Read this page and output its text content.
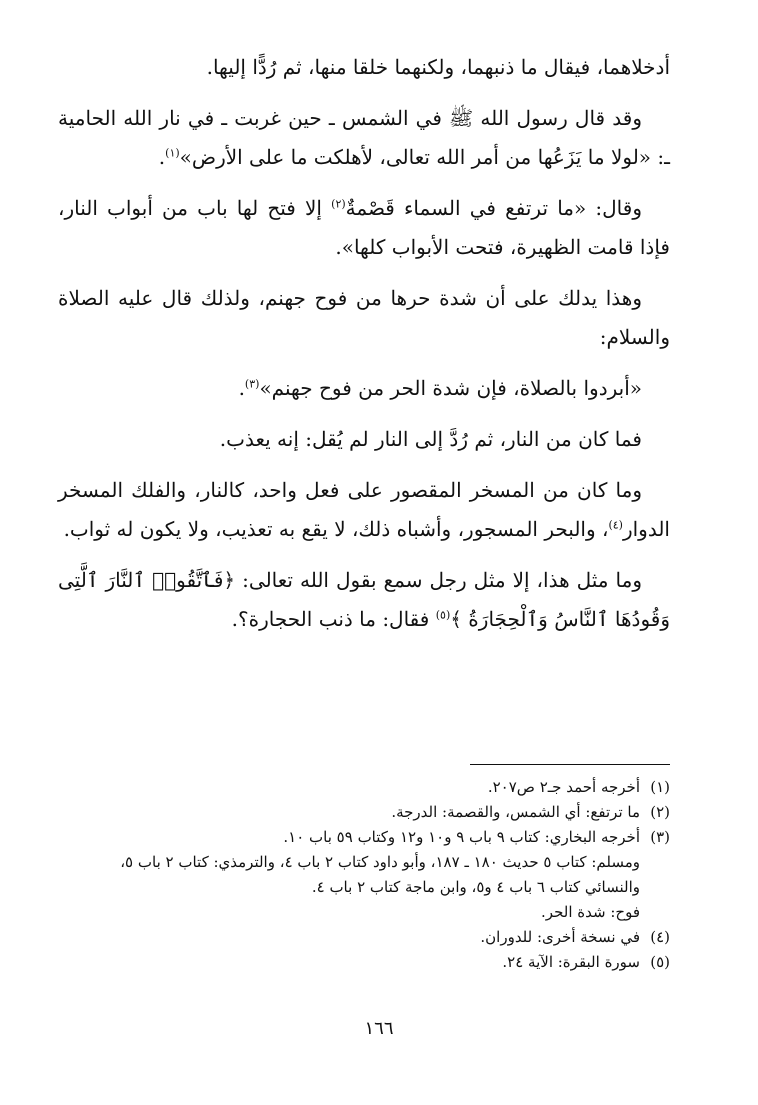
أدخلاهما، فيقال ما ذنبهما، ولكنهما خلقا منها، ثم رُدًّا إليها.

وقد قال رسول الله ﷺ في الشمس ـ حين غربت ـ في نار الله الحامية ـ: «لولا ما يَزَعُها من أمر الله تعالى، لأهلكت ما على الأرض»$^{(١)}$.

وقال: «ما ترتفع في السماء قَصْمةٌ$^{(٢)}$ إلا فتح لها باب من أبواب النار، فإذا قامت الظهيرة، فتحت الأبواب كلها».

وهذا يدلك على أن شدة حرها من فوح جهنم، ولذلك قال عليه الصلاة والسلام:

«أبردوا بالصلاة، فإن شدة الحر من فوح جهنم»$^{(٣)}$.

فما كان من النار، ثم رُدَّ إلى النار لم يُقل: إنه يعذب.

وما كان من المسخر المقصور على فعل واحد، كالنار، والفلك المسخر الدوار$^{(٤)}$، والبحر المسجور، وأشباه ذلك، لا يقع به تعذيب، ولا يكون له ثواب.

وما مثل هذا، إلا مثل رجل سمع بقول الله تعالى: ﴿فَٱتَّقُوا۟ ٱلنَّارَ ٱلَّتِى وَقُودُهَا ٱلنَّاسُ وَٱلْحِجَارَةُ ﴾$^{(٥)}$ فقال: ما ذنب الحجارة؟.

(١)أخرجه أحمد جـ٢ ص٢٠٧.

(٢)ما ترتفع: أي الشمس، والقصمة: الدرجة.

(٣)أخرجه البخاري: كتاب ٩ باب ٩ و١٠ و١٢ وكتاب ٥٩ باب ١٠.

ومسلم: كتاب ٥ حديث ١٨٠ ـ ١٨٧، وأبو داود كتاب ٢ باب ٤، والترمذي: كتاب ٢ باب ٥، والنسائي كتاب ٦ باب ٤ و٥، وابن ماجة كتاب ٢ باب ٤.

فوح: شدة الحر.

(٤)في نسخة أخرى: للدوران.

(٥)سورة البقرة: الآية ٢٤.

١٦٦
